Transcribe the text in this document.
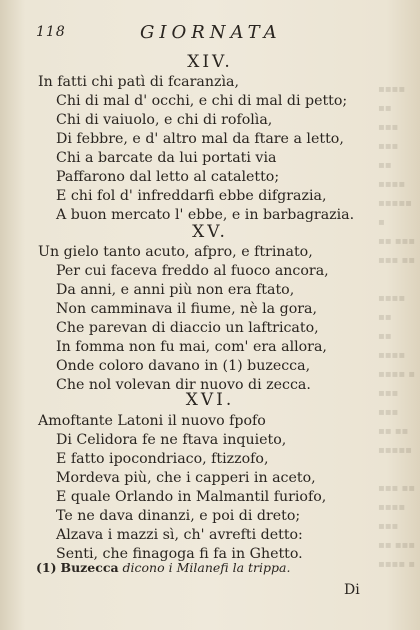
▪▪▪▪ ▪▪
▪▪▪ ▪▪▪
▪▪ ▪▪▪▪
▪▪▪▪▪ ▪
▪▪ ▪▪▪
▪▪▪ ▪▪

▪▪▪▪ ▪▪
▪▪ ▪▪▪▪
▪▪▪▪ ▪
▪▪▪ ▪▪▪
▪▪ ▪▪
▪▪▪▪▪

▪▪▪ ▪▪
▪▪▪▪ ▪▪▪
▪▪ ▪▪▪
▪▪▪▪ ▪
118	GIORNATA
XIV.
In fatti chi patì di fcaranzìa,
Chi di mal d' occhi, e chi di mal di petto;
Chi di vaiuolo, e chi di rofolìa,
Di febbre, e d' altro mal da ftare a letto,
Chi a barcate da lui portati via
Paffarono dal letto al cataletto;
E chi fol d' infreddarfi ebbe difgrazia,
A buon mercato l' ebbe, e in barbagrazia.
XV.
Un gielo tanto acuto, afpro, e ftrinato,
Per cui faceva freddo al fuoco ancora,
Da anni, e anni più non era ftato,
Non camminava il fiume, nè la gora,
Che parevan di diaccio un laftricato,
In fomma non fu mai, com' era allora,
Onde coloro davano in (1) buzecca,
Che nol volevan dir nuovo di zecca.
XVI.
Amoftante Latoni il nuovo fpofo
Di Celidora fe ne ftava inquieto,
E fatto ipocondriaco, ftizzofo,
Mordeva più, che i capperi in aceto,
E quale Orlando in Malmantil furiofo,
Te ne dava dinanzi, e poi di dreto;
Alzava i mazzi sì, ch' avrefti detto:
Senti, che finagoga fi fa in Ghetto.
(1) Buzecca dicono i Milanefi la trippa.
Di
